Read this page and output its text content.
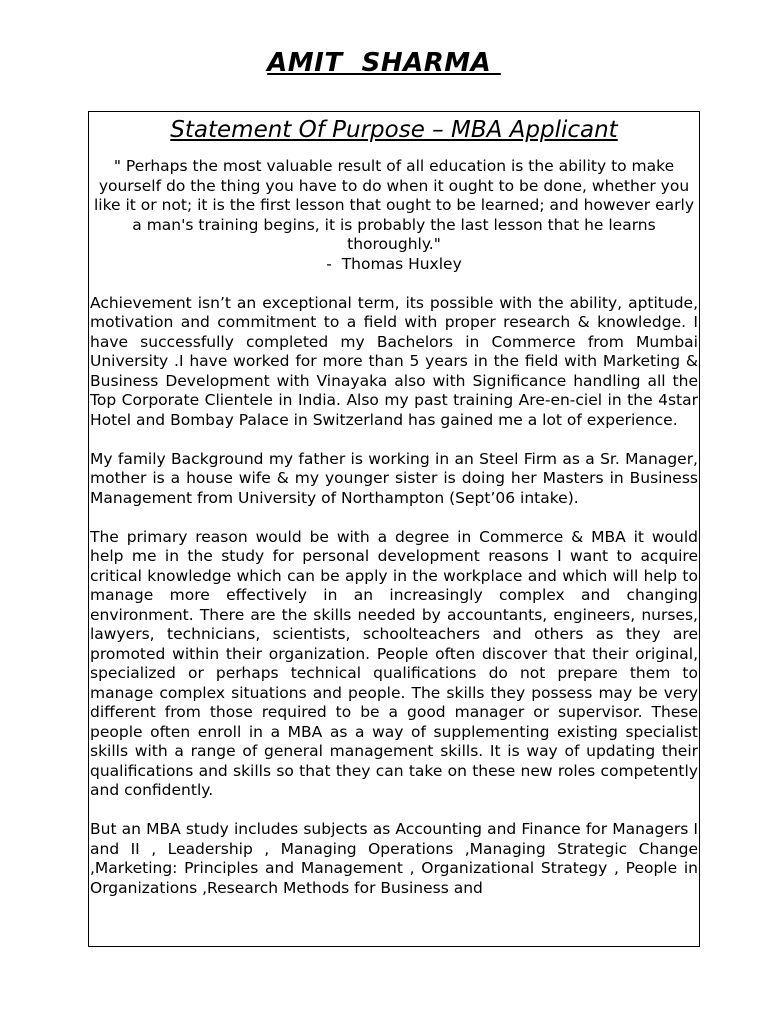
AMIT  SHARMA
Statement Of Purpose – MBA Applicant
" Perhaps the most valuable result of all education is the ability to make yourself do the thing you have to do when it ought to be done, whether you like it or not; it is the first lesson that ought to be learned; and however early a man's training begins, it is probably the last lesson that he learns thoroughly."
-  Thomas Huxley

Achievement isn’t an exceptional term, its possible with the ability, aptitude, motivation and commitment to a field with proper research & knowledge. I have successfully completed my Bachelors in Commerce from Mumbai University .I have worked for more than 5 years in the field with Marketing & Business Development with Vinayaka also with Significance handling all the Top Corporate Clientele in India. Also my past training Are-en-ciel in the 4star Hotel and Bombay Palace in Switzerland has gained me a lot of experience.

My family Background my father is working in an Steel Firm as a Sr. Manager, mother is a house wife & my younger sister is doing her Masters in Business Management from University of Northampton (Sept’06 intake).

The primary reason would be with a degree in Commerce & MBA it would help me in the study for personal development reasons I want to acquire critical knowledge which can be apply in the workplace and which will help to manage more effectively in an increasingly complex and changing environment. There are the skills needed by accountants, engineers, nurses, lawyers, technicians, scientists, schoolteachers and others as they are promoted within their organization. People often discover that their original, specialized or perhaps technical qualifications do not prepare them to manage complex situations and people. The skills they possess may be very different from those required to be a good manager or supervisor. These people often enroll in a MBA as a way of supplementing existing specialist skills with a range of general management skills. It is way of updating their qualifications and skills so that they can take on these new roles competently and confidently.

But an MBA study includes subjects as Accounting and Finance for Managers I and II , Leadership , Managing Operations ,Managing Strategic Change ,Marketing: Principles and Management , Organizational Strategy , People in Organizations ,Research Methods for Business and
